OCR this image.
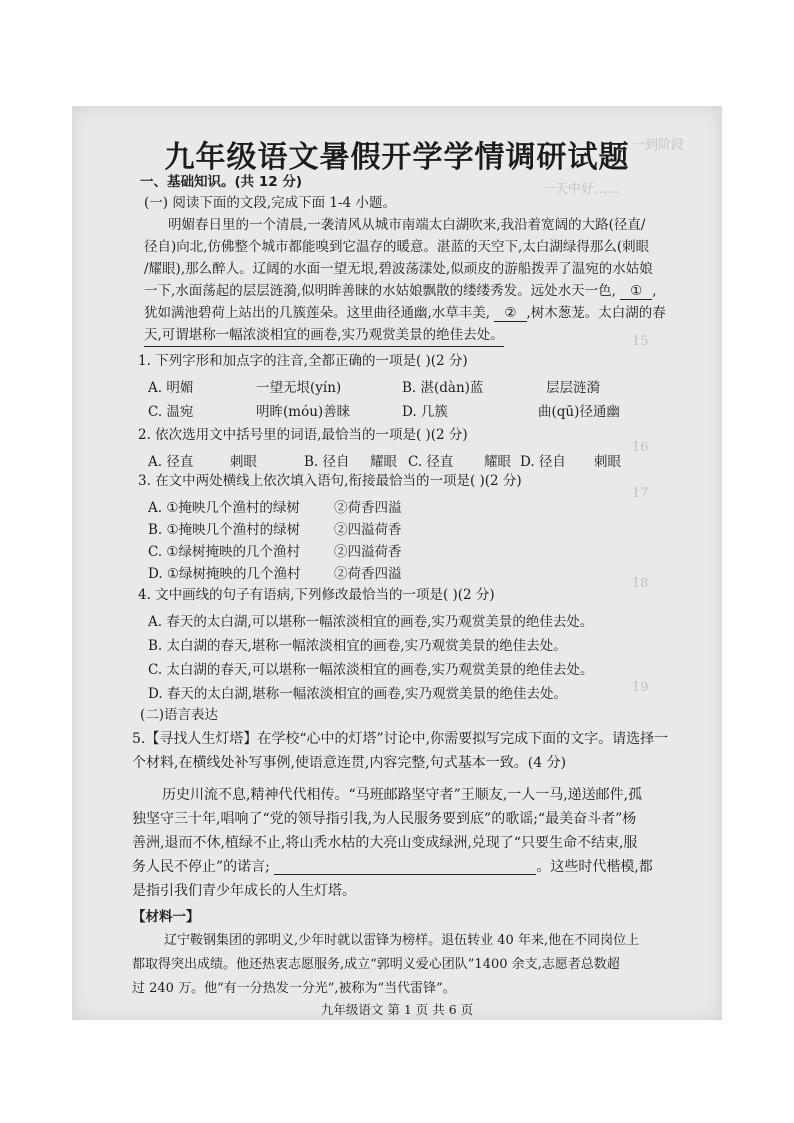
一到阶段
一天中好……
15
16
17
18
19
九年级语文暑假开学学情调研试题
一、基础知识。(共 12 分)
(一) 阅读下面的文段,完成下面 1-4 小题。
明媚春日里的一个清晨,一袭清风从城市南端太白湖吹来,我沿着宽阔的大路(径直/
径自)向北,仿佛整个城市都能嗅到它温存的暖意。湛蓝的天空下,太白湖绿得那么(刺眼
/耀眼),那么醉人。辽阔的水面一望无垠,碧波荡漾处,似顽皮的游船拨弄了温宛的水姑娘
一下,水面荡起的层层涟漪,似明眸善睐的水姑娘飘散的缕缕秀发。远处水天一色, ① ,
犹如满池碧荷上站出的几簇莲朵。这里曲径通幽,水草丰美, ② ,树木葱茏。太白湖的春
天,可谓堪称一幅浓淡相宜的画卷,实乃观赏美景的绝佳去处。
1. 下列字形和加点字的注音,全都正确的一项是( )(2 分)
A. 明媚	一望无垠(yín)	B. 湛(dàn)蓝	层层涟漪
C. 温宛	明眸(móu)善睐	D. 几簇	曲(qū)径通幽
2. 依次选用文中括号里的词语,最恰当的一项是( )(2 分)
A. 径直	刺眼	B. 径自 耀眼 C. 径直 耀眼 D. 径自 刺眼
3. 在文中两处横线上依次填入语句,衔接最恰当的一项是( )(2 分)
A. ①掩映几个渔村的绿树	②荷香四溢
B. ①掩映几个渔村的绿树	②四溢荷香
C. ①绿树掩映的几个渔村	②四溢荷香
D. ①绿树掩映的几个渔村 ②荷香四溢
4. 文中画线的句子有语病,下列修改最恰当的一项是( )(2 分)
A. 春天的太白湖,可以堪称一幅浓淡相宜的画卷,实乃观赏美景的绝佳去处。
B. 太白湖的春天,堪称一幅浓淡相宜的画卷,实乃观赏美景的绝佳去处。
C. 太白湖的春天,可以堪称一幅浓淡相宜的画卷,实乃观赏美景的绝佳去处。
D. 春天的太白湖,堪称一幅浓淡相宜的画卷,实乃观赏美景的绝佳去处。
(二)语言表达
5.【寻找人生灯塔】在学校“心中的灯塔”讨论中,你需要拟写完成下面的文字。请选择一
个材料,在横线处补写事例,使语意连贯,内容完整,句式基本一致。(4 分)
历史川流不息,精神代代相传。“马班邮路坚守者”王顺友,一人一马,递送邮件,孤
独坚守三十年,唱响了“党的领导指引我,为人民服务要到底”的歌谣;“最美奋斗者”杨
善洲,退而不休,植绿不止,将山秃水枯的大亮山变成绿洲,兑现了“只要生命不结束,服
务人民不停止”的诺言;	。这些时代楷模,都
是指引我们青少年成长的人生灯塔。
【材料一】
辽宁鞍钢集团的郭明义,少年时就以雷锋为榜样。退伍转业 40 年来,他在不同岗位上
都取得突出成绩。他还热衷志愿服务,成立“郭明义爱心团队”1400 余支,志愿者总数超
过 240 万。他“有一分热发一分光”,被称为“当代雷锋”。
九年级语文 第 1 页 共 6 页
